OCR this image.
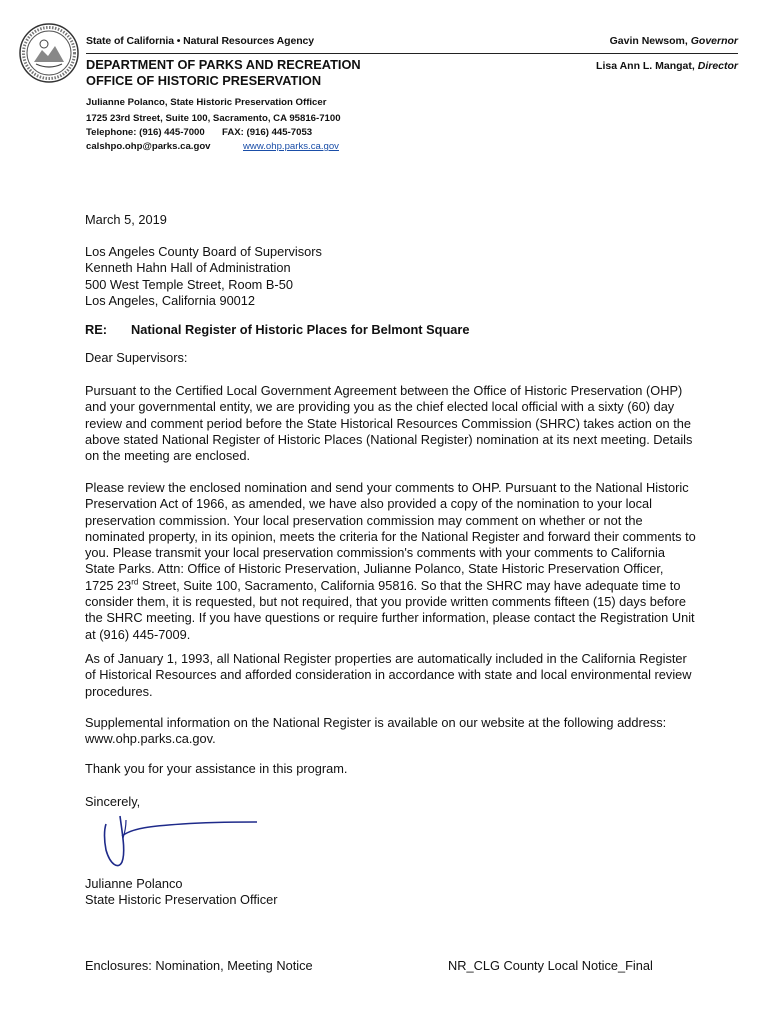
State of California • Natural Resources Agency	Gavin Newsom, Governor
DEPARTMENT OF PARKS AND RECREATION	Lisa Ann L. Mangat, Director
OFFICE OF HISTORIC PRESERVATION
Julianne Polanco, State Historic Preservation Officer
1725 23rd Street, Suite 100, Sacramento, CA 95816-7100
Telephone: (916) 445-7000 FAX: (916) 445-7053
calshpo.ohp@parks.ca.gov	www.ohp.parks.ca.gov
March 5, 2019
Los Angeles County Board of Supervisors
Kenneth Hahn Hall of Administration
500 West Temple Street, Room B-50
Los Angeles, California 90012
RE: National Register of Historic Places for Belmont Square
Dear Supervisors:
Pursuant to the Certified Local Government Agreement between the Office of Historic Preservation (OHP)
and your governmental entity, we are providing you as the chief elected local official with a sixty (60) day
review and comment period before the State Historical Resources Commission (SHRC) takes action on the
above stated National Register of Historic Places (National Register) nomination at its next meeting. Details
on the meeting are enclosed.
Please review the enclosed nomination and send your comments to OHP. Pursuant to the National Historic
Preservation Act of 1966, as amended, we have also provided a copy of the nomination to your local
preservation commission. Your local preservation commission may comment on whether or not the
nominated property, in its opinion, meets the criteria for the National Register and forward their comments to
you. Please transmit your local preservation commission's comments with your comments to California
State Parks. Attn: Office of Historic Preservation, Julianne Polanco, State Historic Preservation Officer,
1725 23rd Street, Suite 100, Sacramento, California 95816. So that the SHRC may have adequate time to
consider them, it is requested, but not required, that you provide written comments fifteen (15) days before
the SHRC meeting. If you have questions or require further information, please contact the Registration Unit
at (916) 445-7009.
As of January 1, 1993, all National Register properties are automatically included in the California Register
of Historical Resources and afforded consideration in accordance with state and local environmental review
procedures.
Supplemental information on the National Register is available on our website at the following address:
www.ohp.parks.ca.gov.
Thank you for your assistance in this program.
Sincerely,
Julianne Polanco
State Historic Preservation Officer
Enclosures: Nomination, Meeting Notice	NR_CLG County Local Notice_Final
